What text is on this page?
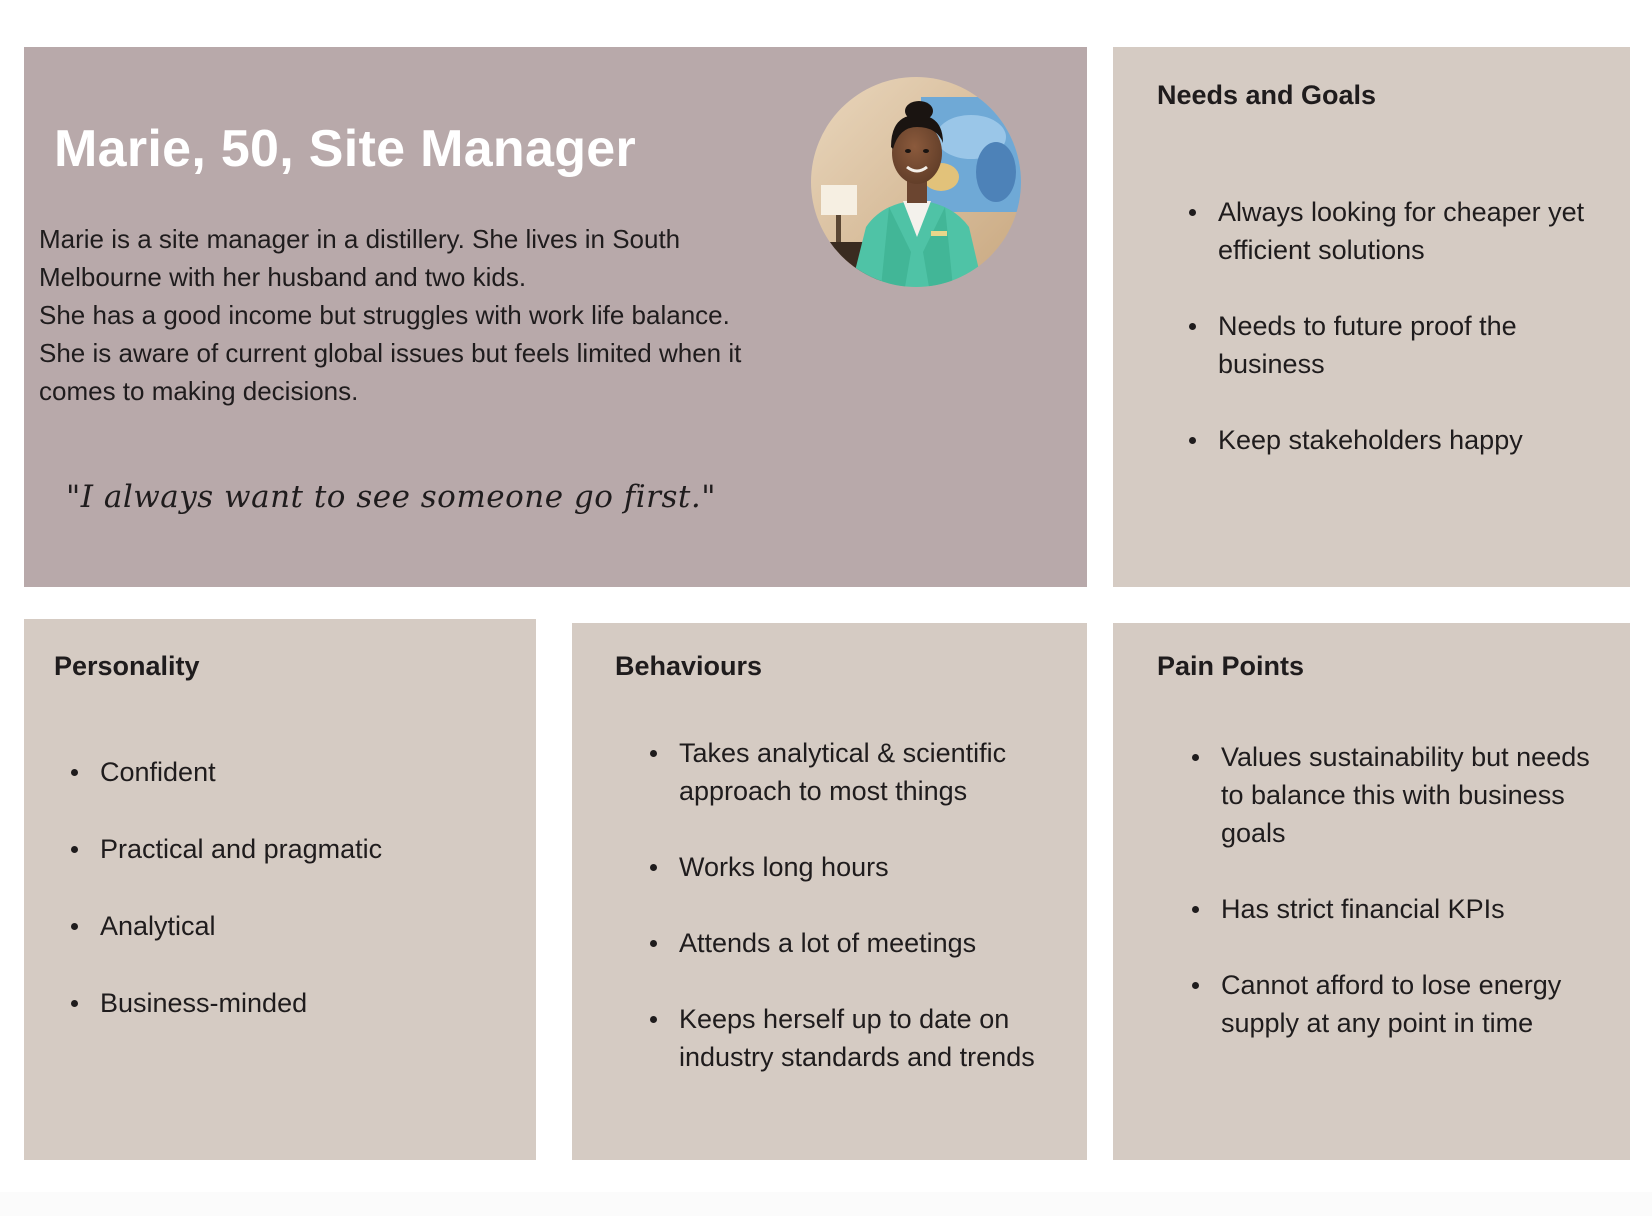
Marie, 50, Site Manager

Marie is a site manager in a distillery. She lives in South

Melbourne with her husband and two kids.

She has a good income but struggles with work life balance.

She is aware of current global issues but feels limited when it

comes to making decisions.

"I always want to see someone go first."
Needs and Goals
Always looking for cheaper yet efficient solutions
Needs to future proof the business
Keep stakeholders happy
Personality
Confident
Practical and pragmatic
Analytical
Business-minded
Behaviours
Takes analytical & scientific approach to most things
Works long hours
Attends a lot of meetings
Keeps herself up to date on industry standards and trends
Pain Points
Values sustainability but needs to balance this with business goals
Has strict financial KPIs
Cannot afford to lose energy supply at any point in time
